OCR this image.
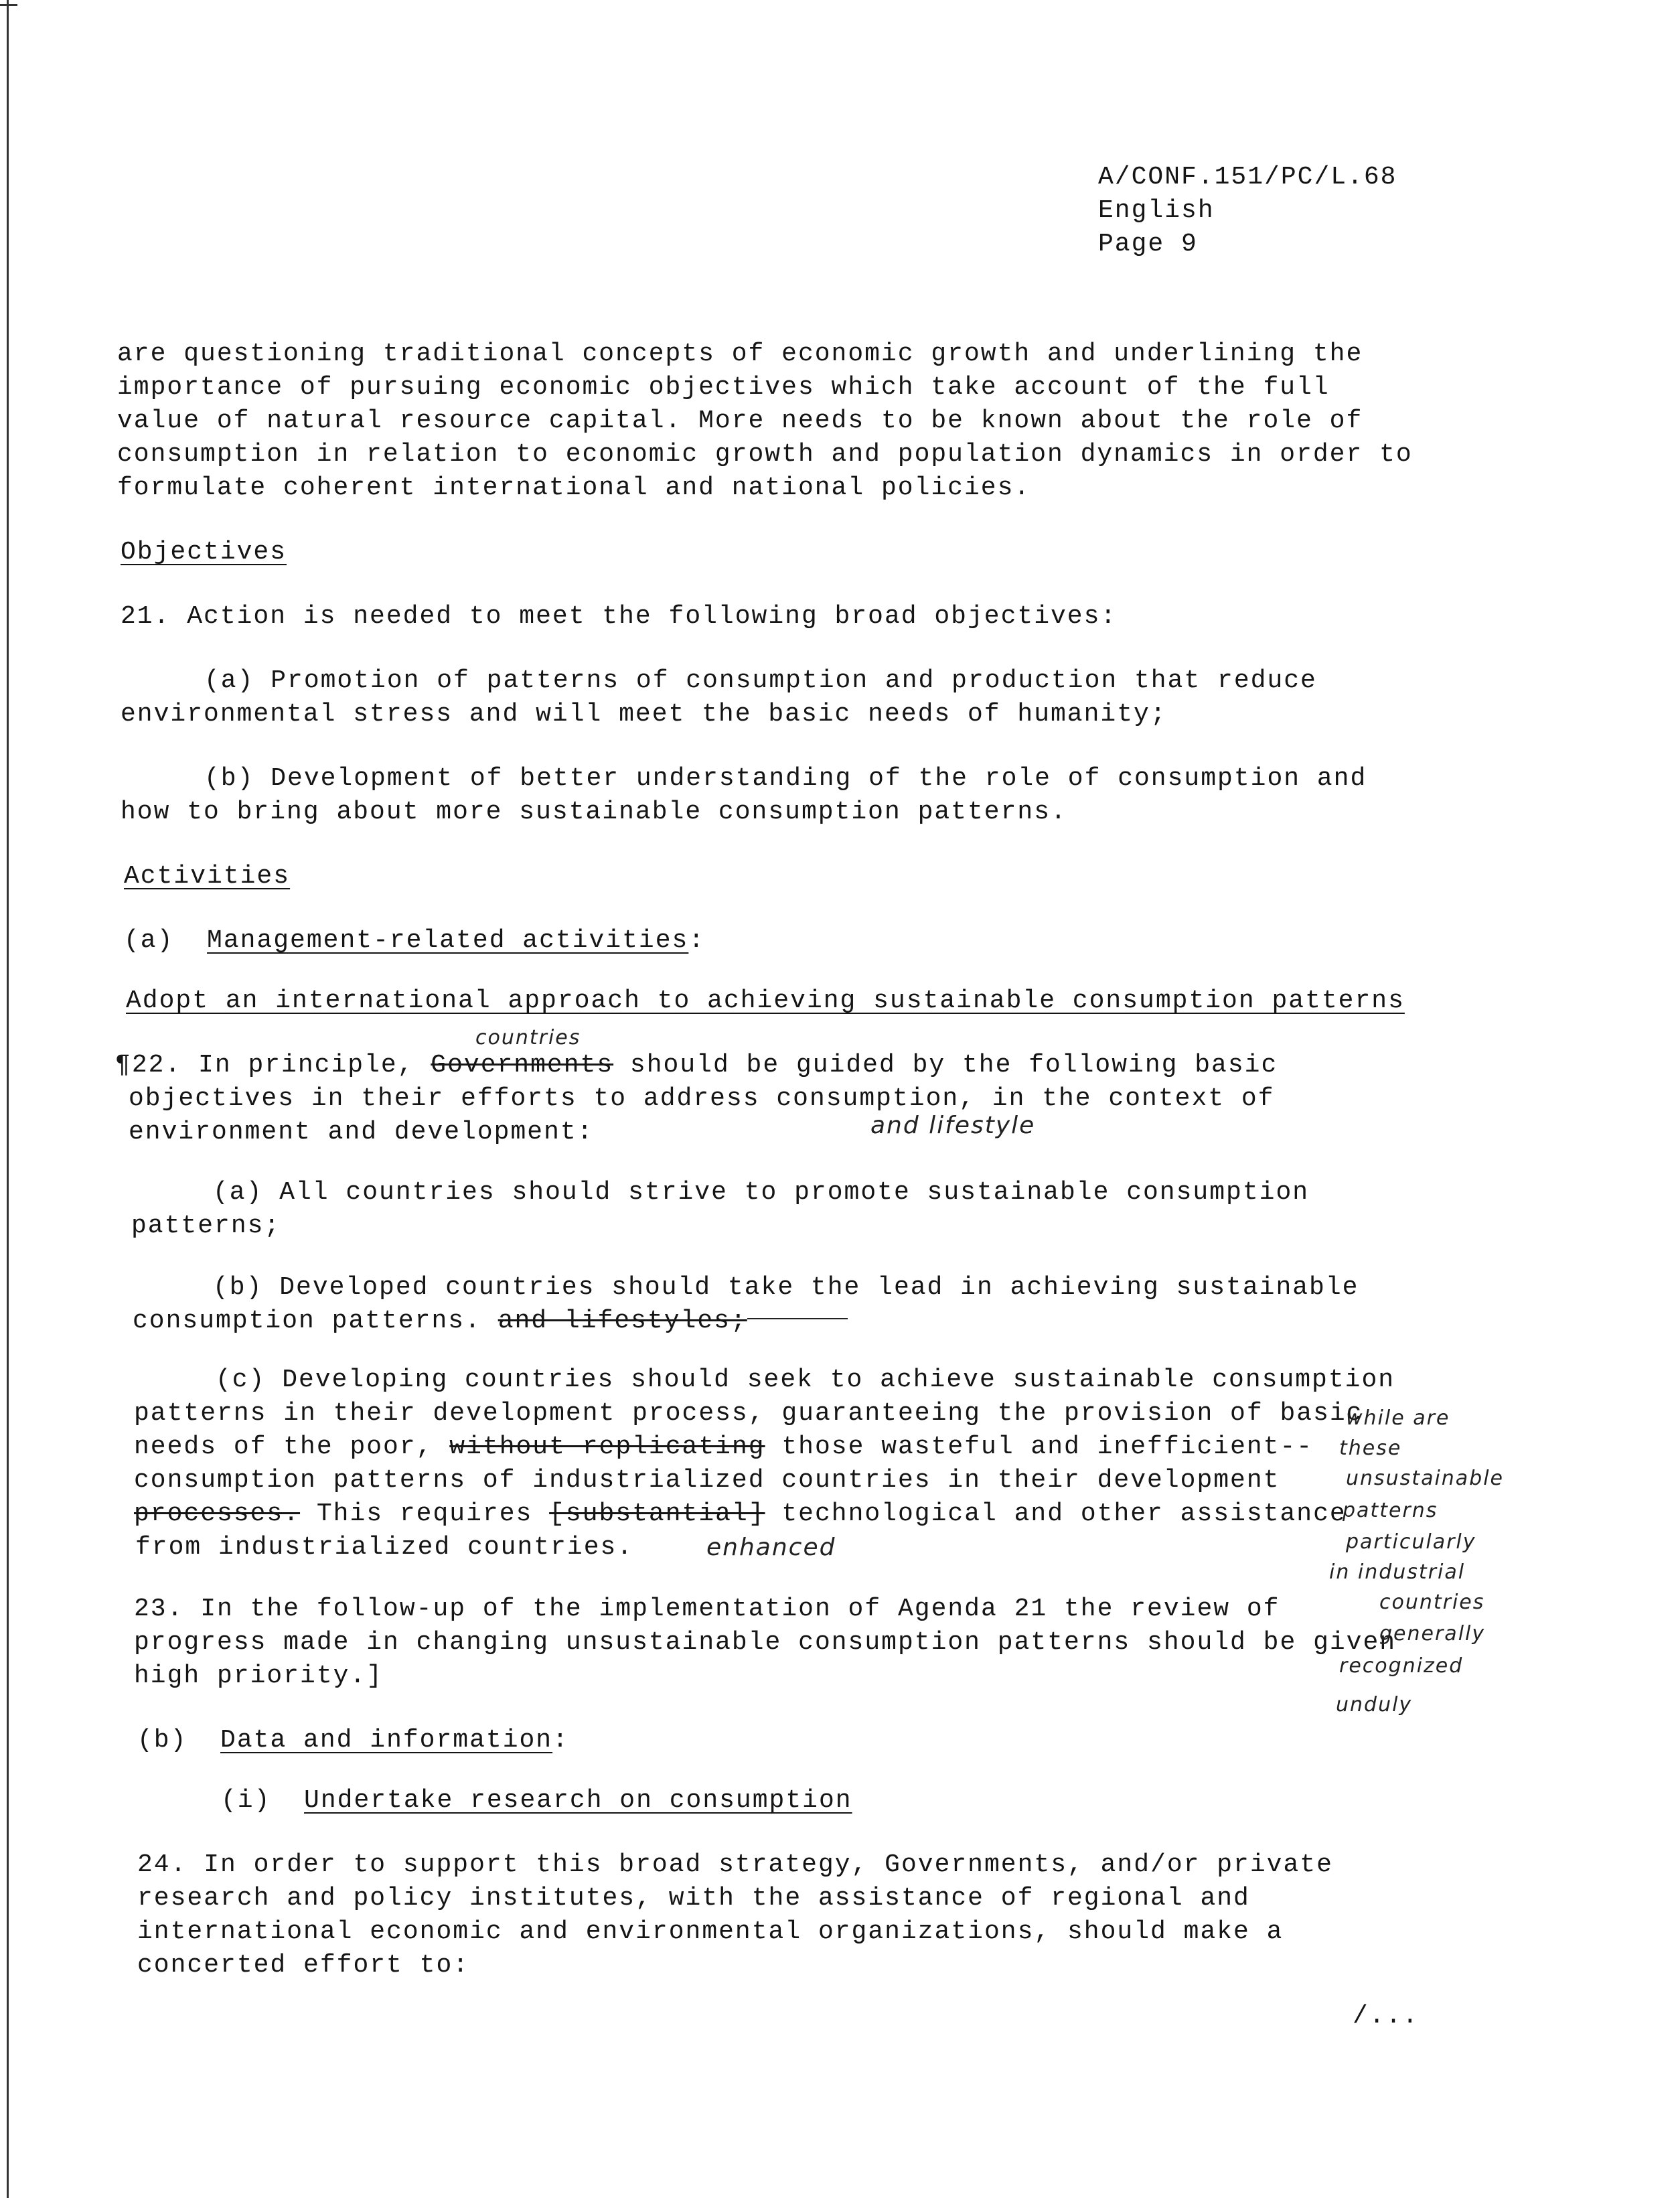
A/CONF.151/PC/L.68
English
Page 9
are questioning traditional concepts of economic growth and underlining the
importance of pursuing economic objectives which take account of the full
value of natural resource capital. More needs to be known about the role of
consumption in relation to economic growth and population dynamics in order to
formulate coherent international and national policies.
Objectives
21. Action is needed to meet the following broad objectives:
(a) Promotion of patterns of consumption and production that reduce
environmental stress and will meet the basic needs of humanity;
(b) Development of better understanding of the role of consumption and
how to bring about more sustainable consumption patterns.
Activities
(a) Management-related activities:
Adopt an international approach to achieving sustainable consumption patterns
countries
¶22. In principle, Governments should be guided by the following basic
objectives in their efforts to address consumption, in the context of
environment and development:	and lifestyle
(a) All countries should strive to promote sustainable consumption
patterns;
(b) Developed countries should take the lead in achieving sustainable
consumption patterns. and lifestyles;
(c) Developing countries should seek to achieve sustainable consumption
patterns in their development process, guaranteeing the provision of basic
needs of the poor, without replicating those wasteful and inefficient--
consumption patterns of industrialized countries in their development
processes. This requires [substantial] technological and other assistance
from industrialized countries.	enhanced
23. In the follow-up of the implementation of Agenda 21 the review of
progress made in changing unsustainable consumption patterns should be given
high priority.]
while are
these
unsustainable
patterns
particularly
in industrial
countries
generally
recognized
unduly
(b) Data and information:
(i) Undertake research on consumption
24. In order to support this broad strategy, Governments, and/or private
research and policy institutes, with the assistance of regional and
international economic and environmental organizations, should make a
concerted effort to:
/...
